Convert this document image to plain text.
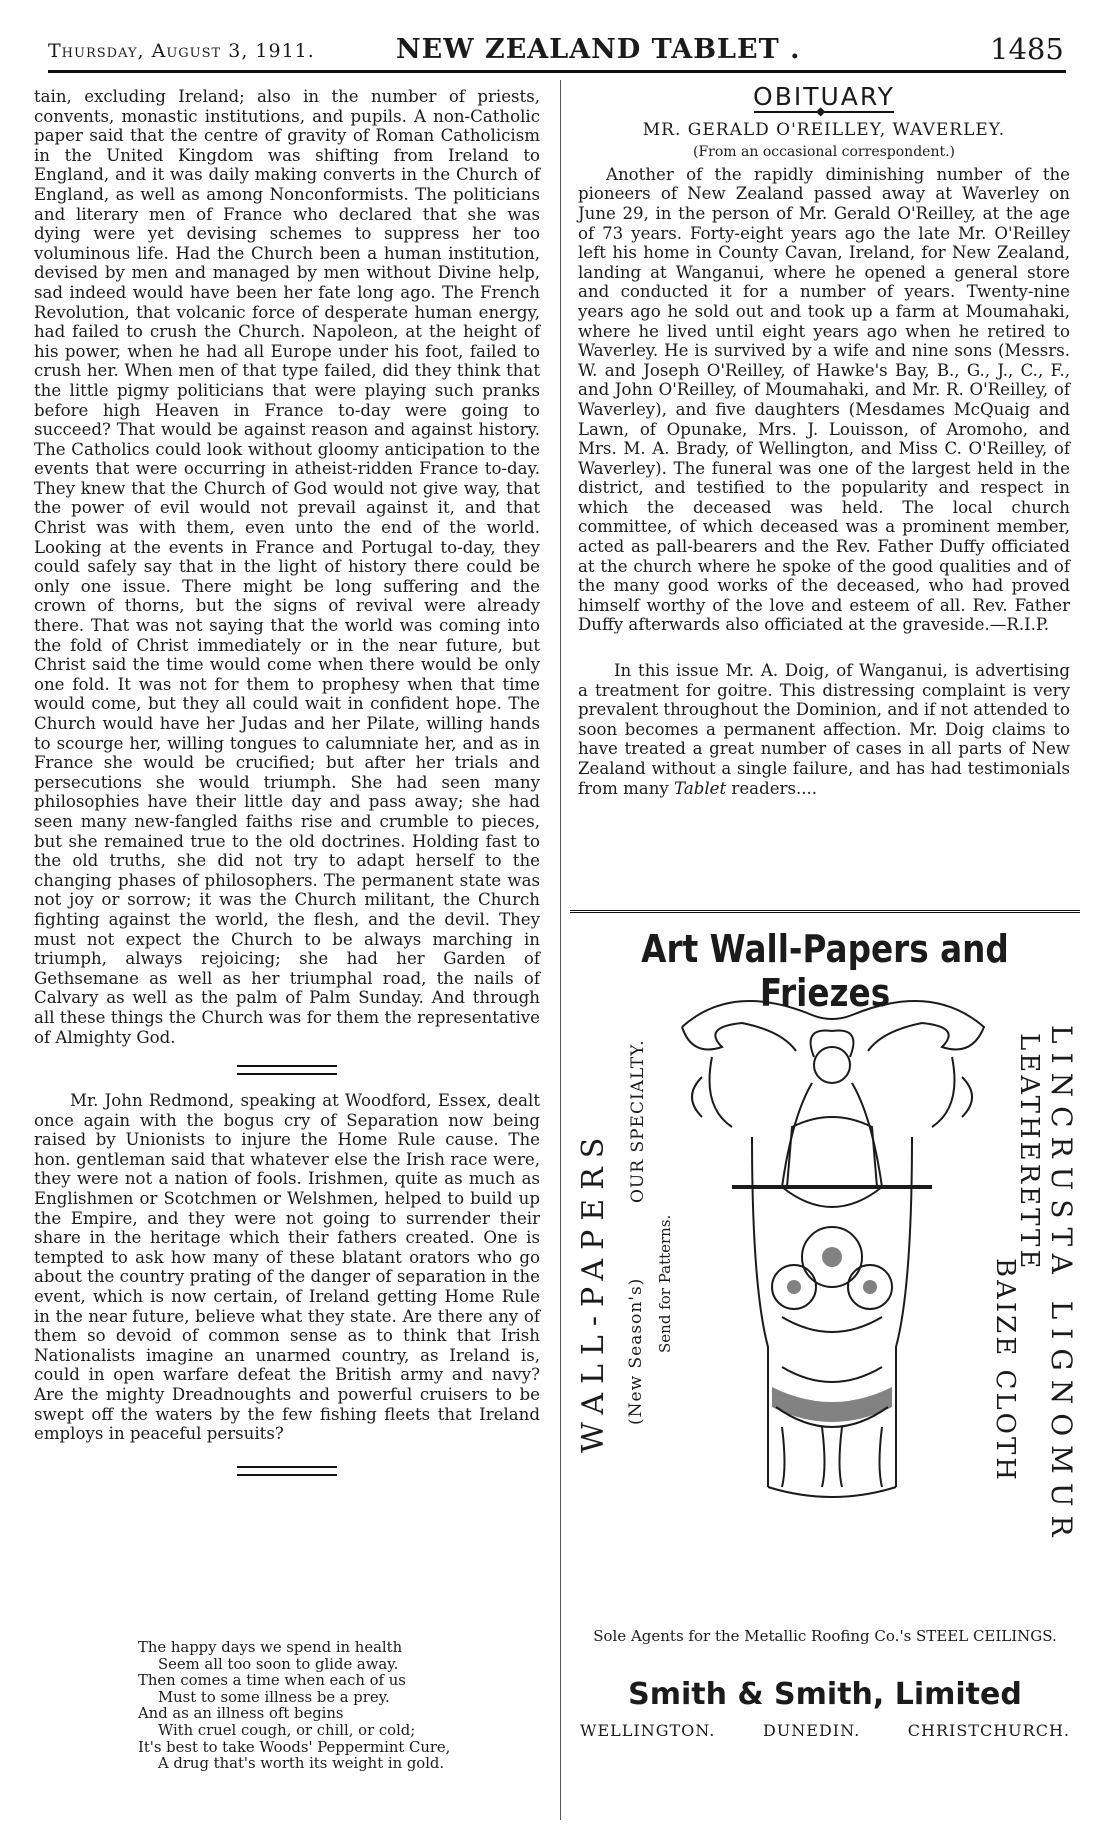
Thursday, August 3, 1911.	NEW ZEALAND TABLET .	1485

tain, excluding Ireland; also in the number of priests, convents, monastic institutions, and pupils. A non-Catholic paper said that the centre of gravity of Roman Catholicism in the United Kingdom was shifting from Ireland to England, and it was daily making converts in the Church of England, as well as among Nonconformists. The politicians and literary men of France who declared that she was dying were yet devising schemes to suppress her too voluminous life. Had the Church been a human institution, devised by men and managed by men without Divine help, sad indeed would have been her fate long ago. The French Revolution, that volcanic force of desperate human energy, had failed to crush the Church. Napoleon, at the height of his power, when he had all Europe under his foot, failed to crush her. When men of that type failed, did they think that the little pigmy politicians that were playing such pranks before high Heaven in France to-day were going to succeed? That would be against reason and against history. The Catholics could look without gloomy anticipation to the events that were occurring in atheist-ridden France to-day. They knew that the Church of God would not give way, that the power of evil would not prevail against it, and that Christ was with them, even unto the end of the world. Looking at the events in France and Portugal to-day, they could safely say that in the light of history there could be only one issue. There might be long suffering and the crown of thorns, but the signs of revival were already there. That was not saying that the world was coming into the fold of Christ immediately or in the near future, but Christ said the time would come when there would be only one fold. It was not for them to prophesy when that time would come, but they all could wait in confident hope. The Church would have her Judas and her Pilate, willing hands to scourge her, willing tongues to calumniate her, and as in France she would be crucified; but after her trials and persecutions she would triumph. She had seen many philosophies have their little day and pass away; she had seen many new-fangled faiths rise and crumble to pieces, but she remained true to the old doctrines. Holding fast to the old truths, she did not try to adapt herself to the changing phases of philosophers. The permanent state was not joy or sorrow; it was the Church militant, the Church fighting against the world, the flesh, and the devil. They must not expect the Church to be always marching in triumph, always rejoicing; she had her Garden of Gethsemane as well as her triumphal road, the nails of Calvary as well as the palm of Palm Sunday. And through all these things the Church was for them the representative of Almighty God.

Mr. John Redmond, speaking at Woodford, Essex, dealt once again with the bogus cry of Separation now being raised by Unionists to injure the Home Rule cause. The hon. gentleman said that whatever else the Irish race were, they were not a nation of fools. Irishmen, quite as much as Englishmen or Scotchmen or Welshmen, helped to build up the Empire, and they were not going to surrender their share in the heritage which their fathers created. One is tempted to ask how many of these blatant orators who go about the country prating of the danger of separation in the event, which is now certain, of Ireland getting Home Rule in the near future, believe what they state. Are there any of them so devoid of common sense as to think that Irish Nationalists imagine an unarmed country, as Ireland is, could in open warfare defeat the British army and navy? Are the mighty Dreadnoughts and powerful cruisers to be swept off the waters by the few fishing fleets that Ireland employs in peaceful persuits?

The happy days we spend in health
Seem all too soon to glide away.
Then comes a time when each of us
Must to some illness be a prey.
And as an illness oft begins
With cruel cough, or chill, or cold;
It's best to take Woods' Peppermint Cure,
A drug that's worth its weight in gold.
OBITUARY
◆
MR. GERALD O'REILLEY, WAVERLEY.
(From an occasional correspondent.)

Another of the rapidly diminishing number of the pioneers of New Zealand passed away at Waverley on June 29, in the person of Mr. Gerald O'Reilley, at the age of 73 years. Forty-eight years ago the late Mr. O'Reilley left his home in County Cavan, Ireland, for New Zealand, landing at Wanganui, where he opened a general store and conducted it for a number of years. Twenty-nine years ago he sold out and took up a farm at Moumahaki, where he lived until eight years ago when he retired to Waverley. He is survived by a wife and nine sons (Messrs. W. and Joseph O'Reilley, of Hawke's Bay, B., G., J., C., F., and John O'Reilley, of Moumahaki, and Mr. R. O'Reilley, of Waverley), and five daughters (Mesdames McQuaig and Lawn, of Opunake, Mrs. J. Louisson, of Aromoho, and Mrs. M. A. Brady, of Wellington, and Miss C. O'Reilley, of Waverley). The funeral was one of the largest held in the district, and testified to the popularity and respect in which the deceased was held. The local church committee, of which deceased was a prominent member, acted as pall-bearers and the Rev. Father Duffy officiated at the church where he spoke of the good qualities and of the many good works of the deceased, who had proved himself worthy of the love and esteem of all. Rev. Father Duffy afterwards also officiated at the graveside.—R.I.P.

In this issue Mr. A. Doig, of Wanganui, is advertising a treatment for goitre. This distressing complaint is very prevalent throughout the Dominion, and if not attended to soon becomes a permanent affection. Mr. Doig claims to have treated a great number of cases in all parts of New Zealand without a single failure, and has had testimonials from many Tablet readers....

Art Wall-Papers and Friezes
WALL-PAPERS (New Season's)
OUR SPECIALTY.
Send for Patterns.	LINCRUSTA LIGNOMUR
LEATHERETTE
BAIZE CLOTH
Sole Agents for the Metallic Roofing Co.'s STEEL CEILINGS.
Smith & Smith, Limited
WELLINGTON.	DUNEDIN.	CHRISTCHURCH.
